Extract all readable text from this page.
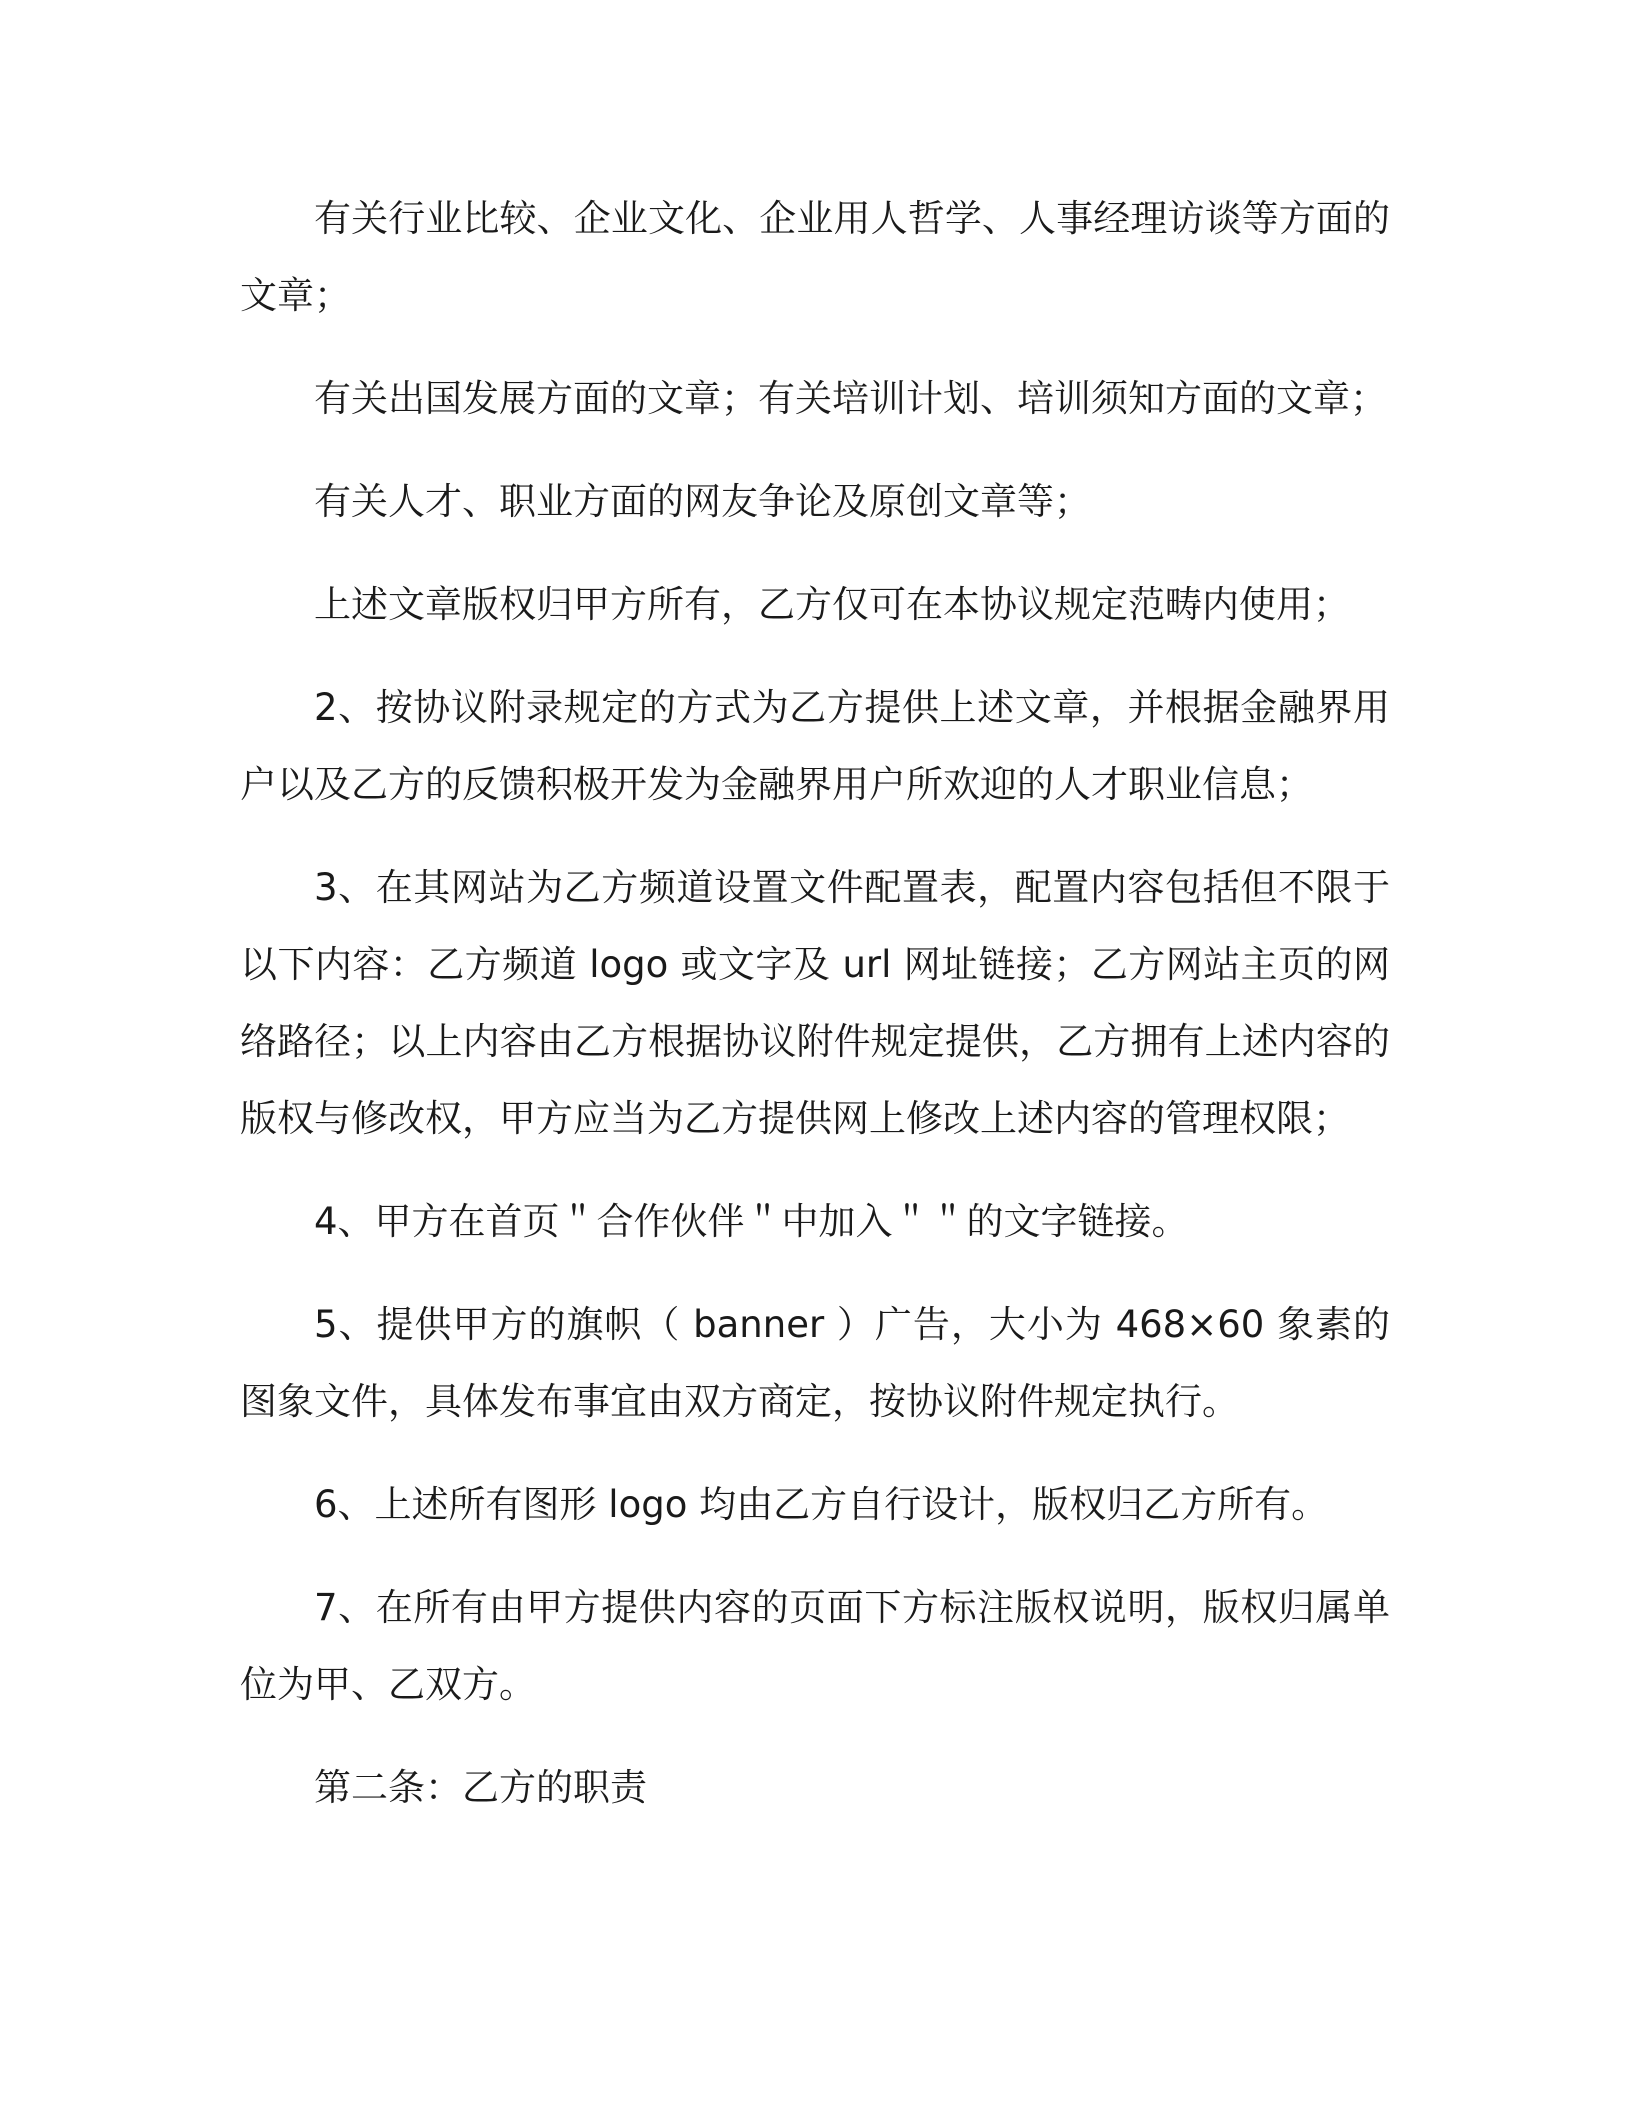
有关行业比较、企业文化、企业用人哲学、人事经理访谈等方面的文章；

有关出国发展方面的文章；有关培训计划、培训须知方面的文章；

有关人才、职业方面的网友争论及原创文章等；

上述文章版权归甲方所有，乙方仅可在本协议规定范畴内使用；

2、按协议附录规定的方式为乙方提供上述文章，并根据金融界用户以及乙方的反馈积极开发为金融界用户所欢迎的人才职业信息；

3、在其网站为乙方频道设置文件配置表，配置内容包括但不限于以下内容：乙方频道 logo 或文字及 url 网址链接；乙方网站主页的网络路径；以上内容由乙方根据协议附件规定提供，乙方拥有上述内容的版权与修改权，甲方应当为乙方提供网上修改上述内容的管理权限；

4、甲方在首页＂合作伙伴＂中加入＂＂的文字链接。

5、提供甲方的旗帜（ banner ）广告，大小为 468×60 象素的图象文件，具体发布事宜由双方商定，按协议附件规定执行。

6、上述所有图形 logo 均由乙方自行设计，版权归乙方所有。

7、在所有由甲方提供内容的页面下方标注版权说明，版权归属单位为甲、乙双方。

第二条：乙方的职责
